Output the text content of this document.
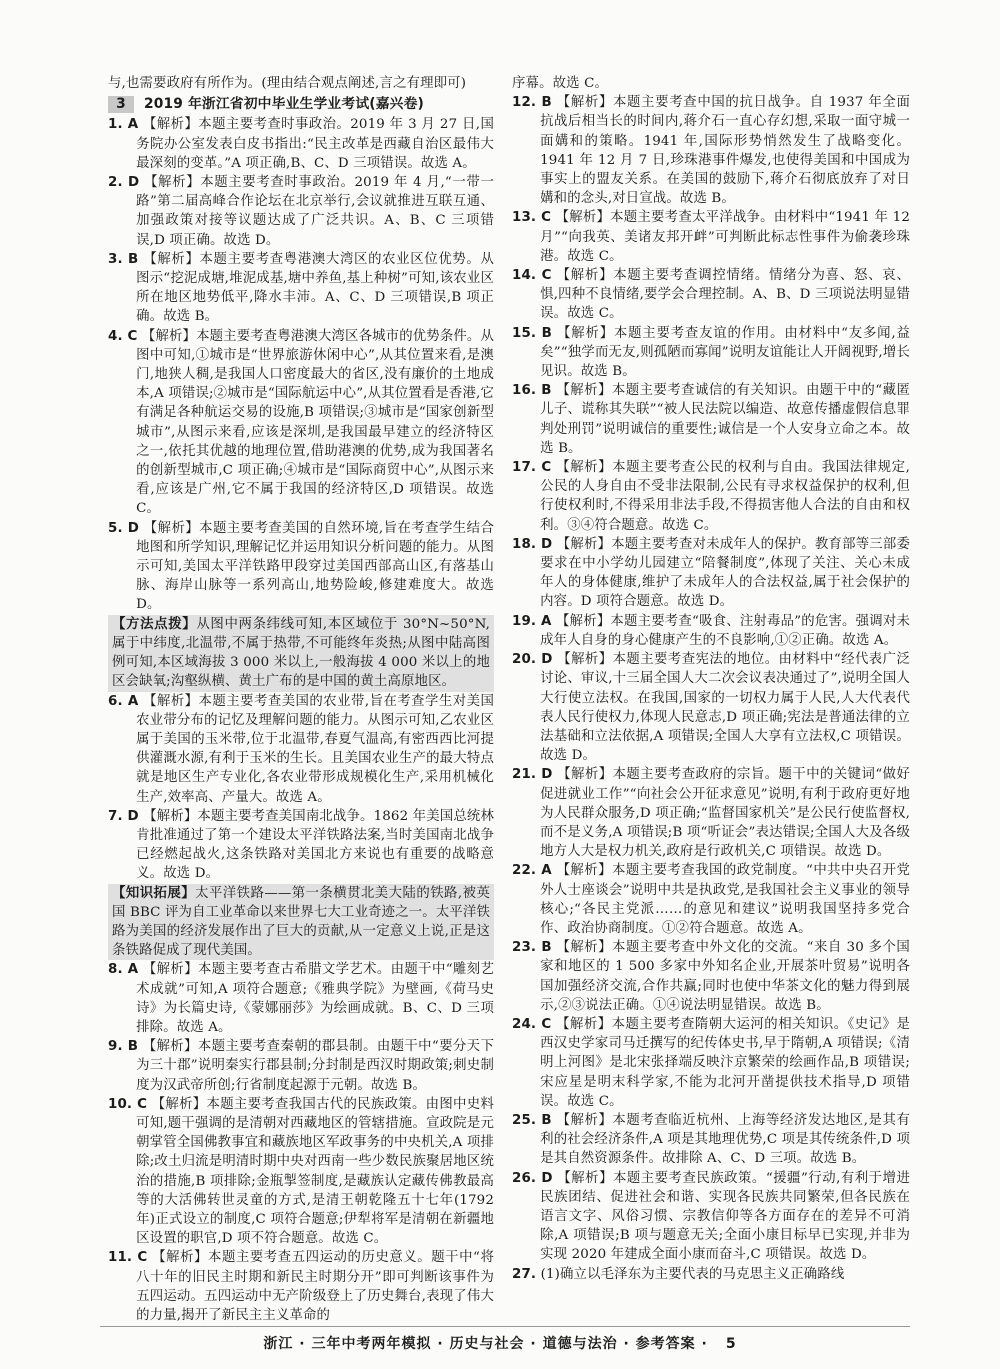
与,也需要政府有所作为。(理由结合观点阐述,言之有理即可)

3 2019 年浙江省初中毕业生学业考试(嘉兴卷)

1. A 【解析】本题主要考查时事政治。2019 年 3 月 27 日,国务院办公室发表白皮书指出:“民主改革是西藏自治区最伟大最深刻的变革。”A 项正确,B、C、D 三项错误。故选 A。

2. D 【解析】本题主要考查时事政治。2019 年 4 月,“一带一路”第二届高峰合作论坛在北京举行,会议就推进互联互通、加强政策对接等议题达成了广泛共识。A、B、C 三项错误,D 项正确。故选 D。

3. B 【解析】本题主要考查粤港澳大湾区的农业区位优势。从图示“挖泥成塘,堆泥成基,塘中养鱼,基上种树”可知,该农业区所在地区地势低平,降水丰沛。A、C、D 三项错误,B 项正确。故选 B。

4. C 【解析】本题主要考查粤港澳大湾区各城市的优势条件。从图中可知,①城市是“世界旅游休闲中心”,从其位置来看,是澳门,地狭人稠,是我国人口密度最大的省区,没有廉价的土地成本,A 项错误;②城市是“国际航运中心”,从其位置看是香港,它有满足各种航运交易的设施,B 项错误;③城市是“国家创新型城市”,从图示来看,应该是深圳,是我国最早建立的经济特区之一,依托其优越的地理位置,借助港澳的优势,成为我国著名的创新型城市,C 项正确;④城市是“国际商贸中心”,从图示来看,应该是广州,它不属于我国的经济特区,D 项错误。故选 C。

5. D 【解析】本题主要考查美国的自然环境,旨在考查学生结合地图和所学知识,理解记忆并运用知识分析问题的能力。从图示可知,美国太平洋铁路甲段穿过美国西部高山区,有落基山脉、海岸山脉等一系列高山,地势险峻,修建难度大。故选 D。

【方法点拨】从图中两条纬线可知,本区域位于 30°N~50°N,属于中纬度,北温带,不属于热带,不可能终年炎热;从图中陆高图例可知,本区域海拔 3 000 米以上,一般海拔 4 000 米以上的地区会缺氧;沟壑纵横、黄土广布的是中国的黄土高原地区。

6. A 【解析】本题主要考查美国的农业带,旨在考查学生对美国农业带分布的记忆及理解问题的能力。从图示可知,乙农业区属于美国的玉米带,位于北温带,春夏气温高,有密西西比河提供灌溉水源,有利于玉米的生长。且美国农业生产的最大特点就是地区生产专业化,各农业带形成规模化生产,采用机械化生产,效率高、产量大。故选 A。

7. D 【解析】本题主要考查美国南北战争。1862 年美国总统林肯批准通过了第一个建设太平洋铁路法案,当时美国南北战争已经燃起战火,这条铁路对美国北方来说也有重要的战略意义。故选 D。

【知识拓展】太平洋铁路——第一条横贯北美大陆的铁路,被英国 BBC 评为自工业革命以来世界七大工业奇迹之一。太平洋铁路为美国的经济发展作出了巨大的贡献,从一定意义上说,正是这条铁路促成了现代美国。

8. A 【解析】本题主要考查古希腊文学艺术。由题干中“雕刻艺术成就”可知,A 项符合题意;《雅典学院》为壁画,《荷马史诗》为长篇史诗,《蒙娜丽莎》为绘画成就。B、C、D 三项排除。故选 A。

9. B 【解析】本题主要考查秦朝的郡县制。由题干中“要分天下为三十郡”说明秦实行郡县制;分封制是西汉时期政策;刺史制度为汉武帝所创;行省制度起源于元朝。故选 B。

10. C 【解析】本题主要考查我国古代的民族政策。由图中史料可知,题干强调的是清朝对西藏地区的管辖措施。宣政院是元朝掌管全国佛教事宜和藏族地区军政事务的中央机关,A 项排除;改土归流是明清时期中央对西南一些少数民族聚居地区统治的措施,B 项排除;金瓶掣签制度,是藏族认定藏传佛教最高等的大活佛转世灵童的方式,是清王朝乾隆五十七年(1792 年)正式设立的制度,C 项符合题意;伊犁将军是清朝在新疆地区设置的职官,D 项不符合题意。故选 C。

11. C 【解析】本题主要考查五四运动的历史意义。题干中“将八十年的旧民主时期和新民主时期分开”即可判断该事件为五四运动。五四运动中无产阶级登上了历史舞台,表现了伟大的力量,揭开了新民主主义革命的

序幕。故选 C。

12. B 【解析】本题主要考查中国的抗日战争。自 1937 年全面抗战后相当长的时间内,蒋介石一直心存幻想,采取一面守城一面媾和的策略。1941 年,国际形势悄然发生了战略变化。1941 年 12 月 7 日,珍珠港事件爆发,也使得美国和中国成为事实上的盟友关系。在美国的鼓励下,蒋介石彻底放弃了对日媾和的念头,对日宣战。故选 B。

13. C 【解析】本题主要考查太平洋战争。由材料中“1941 年 12 月”“向我英、美诸友邦开衅”可判断此标志性事件为偷袭珍珠港。故选 C。

14. C 【解析】本题主要考查调控情绪。情绪分为喜、怒、哀、惧,四种不良情绪,要学会合理控制。A、B、D 三项说法明显错误。故选 C。

15. B 【解析】本题主要考查友谊的作用。由材料中“友多闻,益矣”“独学而无友,则孤陋而寡闻”说明友谊能让人开阔视野,增长见识。故选 B。

16. B 【解析】本题主要考查诚信的有关知识。由题干中的“藏匿儿子、谎称其失联”“被人民法院以编造、故意传播虚假信息罪判处刑罚”说明诚信的重要性;诚信是一个人安身立命之本。故选 B。

17. C 【解析】本题主要考查公民的权利与自由。我国法律规定,公民的人身自由不受非法限制,公民有寻求权益保护的权利,但行使权利时,不得采用非法手段,不得损害他人合法的自由和权利。③④符合题意。故选 C。

18. D 【解析】本题主要考查对未成年人的保护。教育部等三部委要求在中小学幼儿园建立“陪餐制度”,体现了关注、关心未成年人的身体健康,维护了未成年人的合法权益,属于社会保护的内容。D 项符合题意。故选 D。

19. A 【解析】本题主要考查“吸食、注射毒品”的危害。强调对未成年人自身的身心健康产生的不良影响,①②正确。故选 A。

20. D 【解析】本题主要考查宪法的地位。由材料中“经代表广泛讨论、审议,十三届全国人大二次会议表决通过了”,说明全国人大行使立法权。在我国,国家的一切权力属于人民,人大代表代表人民行使权力,体现人民意志,D 项正确;宪法是普通法律的立法基础和立法依据,A 项错误;全国人大享有立法权,C 项错误。故选 D。

21. D 【解析】本题主要考查政府的宗旨。题干中的关键词“做好促进就业工作”“向社会公开征求意见”说明,有利于政府更好地为人民群众服务,D 项正确;“监督国家机关”是公民行使监督权,而不是义务,A 项错误;B 项“听证会”表达错误;全国人大及各级地方人大是权力机关,政府是行政机关,C 项错误。故选 D。

22. A 【解析】本题主要考查我国的政党制度。“中共中央召开党外人士座谈会”说明中共是执政党,是我国社会主义事业的领导核心;“各民主党派……的意见和建议”说明我国坚持多党合作、政治协商制度。①②符合题意。故选 A。

23. B 【解析】本题主要考查中外文化的交流。“来自 30 多个国家和地区的 1 500 多家中外知名企业,开展茶叶贸易”说明各国加强经济交流,合作共赢;同时也使中华茶文化的魅力得到展示,②③说法正确。①④说法明显错误。故选 B。

24. C 【解析】本题主要考查隋朝大运河的相关知识。《史记》是西汉史学家司马迁撰写的纪传体史书,早于隋朝,A 项错误;《清明上河图》是北宋张择端反映汴京繁荣的绘画作品,B 项错误;宋应星是明末科学家,不能为北河开凿提供技术指导,D 项错误。故选 C。

25. B 【解析】本题考查临近杭州、上海等经济发达地区,是其有利的社会经济条件,A 项是其地理优势,C 项是其传统条件,D 项是其自然资源条件。故排除 A、C、D 三项。故选 B。

26. D 【解析】本题主要考查民族政策。“援疆”行动,有利于增进民族团结、促进社会和谐、实现各民族共同繁荣,但各民族在语言文字、风俗习惯、宗教信仰等各方面存在的差异不可消除,A 项错误;B 项与题意无关;全面小康目标早已实现,并非为实现 2020 年建成全面小康而奋斗,C 项错误。故选 D。

27. (1)确立以毛泽东为主要代表的马克思主义正确路线

浙江 · 三年中考两年模拟 · 历史与社会 · 道德与法治 · 参考答案 · 5
